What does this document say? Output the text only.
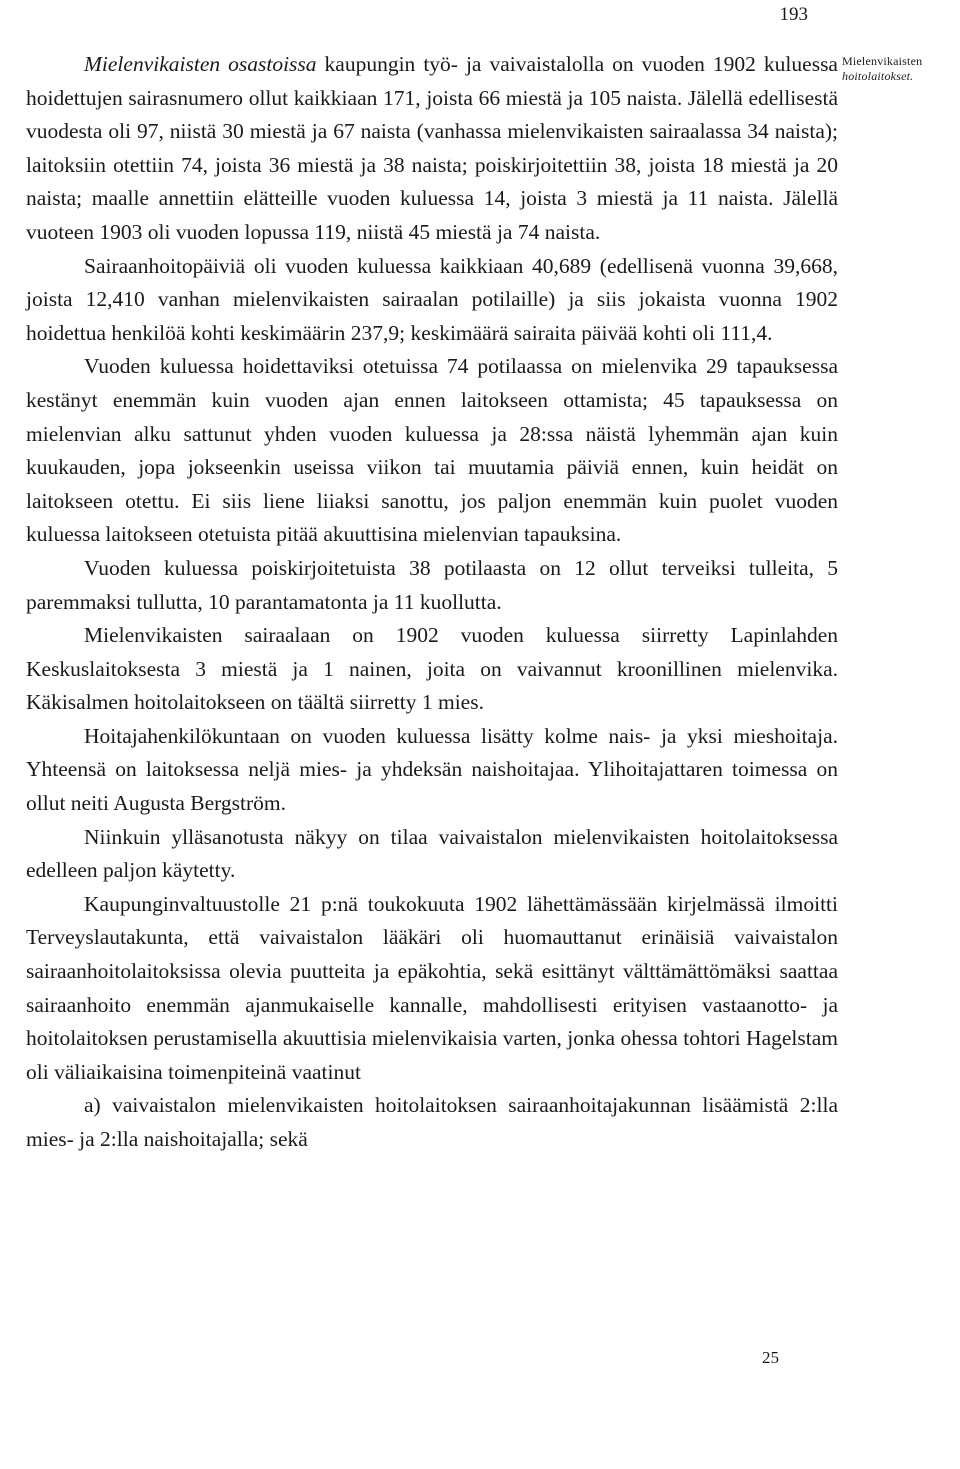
193
Mielenvikaisten
hoitolaitokset.

Mielenvikaisten osastoissa kaupungin työ- ja vaivaistalolla on vuoden 1902 kuluessa hoidettujen sairasnumero ollut kaikkiaan 171, joista 66 miestä ja 105 naista. Jälellä edellisestä vuodesta oli 97, niistä 30 miestä ja 67 naista (vanhassa mielenvikaisten sairaalassa 34 naista); laitoksiin otettiin 74, joista 36 miestä ja 38 naista; poiskirjoitettiin 38, joista 18 miestä ja 20 naista; maalle annettiin elätteille vuoden kuluessa 14, joista 3 miestä ja 11 naista. Jälellä vuoteen 1903 oli vuoden lopussa 119, niistä 45 miestä ja 74 naista.

Sairaanhoitopäiviä oli vuoden kuluessa kaikkiaan 40,689 (edellisenä vuonna 39,668, joista 12,410 vanhan mielenvikaisten sairaalan potilaille) ja siis jokaista vuonna 1902 hoidettua henkilöä kohti keskimäärin 237,9; keskimäärä sairaita päivää kohti oli 111,4.

Vuoden kuluessa hoidettaviksi otetuissa 74 potilaassa on mielenvika 29 tapauksessa kestänyt enemmän kuin vuoden ajan ennen laitokseen ottamista; 45 tapauksessa on mielenvian alku sattunut yhden vuoden kuluessa ja 28:ssa näistä lyhemmän ajan kuin kuukauden, jopa jokseenkin useissa viikon tai muutamia päiviä ennen, kuin heidät on laitokseen otettu. Ei siis liene liiaksi sanottu, jos paljon enemmän kuin puolet vuoden kuluessa laitokseen otetuista pitää akuuttisina mielenvian tapauksina.

Vuoden kuluessa poiskirjoitetuista 38 potilaasta on 12 ollut terveiksi tulleita, 5 paremmaksi tullutta, 10 parantamatonta ja 11 kuollutta.

Mielenvikaisten sairaalaan on 1902 vuoden kuluessa siirretty Lapinlahden Keskuslaitoksesta 3 miestä ja 1 nainen, joita on vaivannut kroonillinen mielenvika. Käkisalmen hoitolaitokseen on täältä siirretty 1 mies.

Hoitajahenkilökuntaan on vuoden kuluessa lisätty kolme nais- ja yksi mieshoitaja. Yhteensä on laitoksessa neljä mies- ja yhdeksän naishoitajaa. Ylihoitajattaren toimessa on ollut neiti Augusta Bergström.

Niinkuin ylläsanotusta näkyy on tilaa vaivaistalon mielenvikaisten hoitolaitoksessa edelleen paljon käytetty.

Kaupunginvaltuustolle 21 p:nä toukokuuta 1902 lähettämässään kirjelmässä ilmoitti Terveyslautakunta, että vaivaistalon lääkäri oli huomauttanut erinäisiä vaivaistalon sairaanhoitolaitoksissa olevia puutteita ja epäkohtia, sekä esittänyt välttämättömäksi saattaa sairaanhoito enemmän ajanmukaiselle kannalle, mahdollisesti erityisen vastaanotto- ja hoitolaitoksen perustamisella akuuttisia mielenvikaisia varten, jonka ohessa tohtori Hagelstam oli väliaikaisina toimenpiteinä vaatinut

a) vaivaistalon mielenvikaisten hoitolaitoksen sairaanhoitajakunnan lisäämistä 2:lla mies- ja 2:lla naishoitajalla; sekä

25
